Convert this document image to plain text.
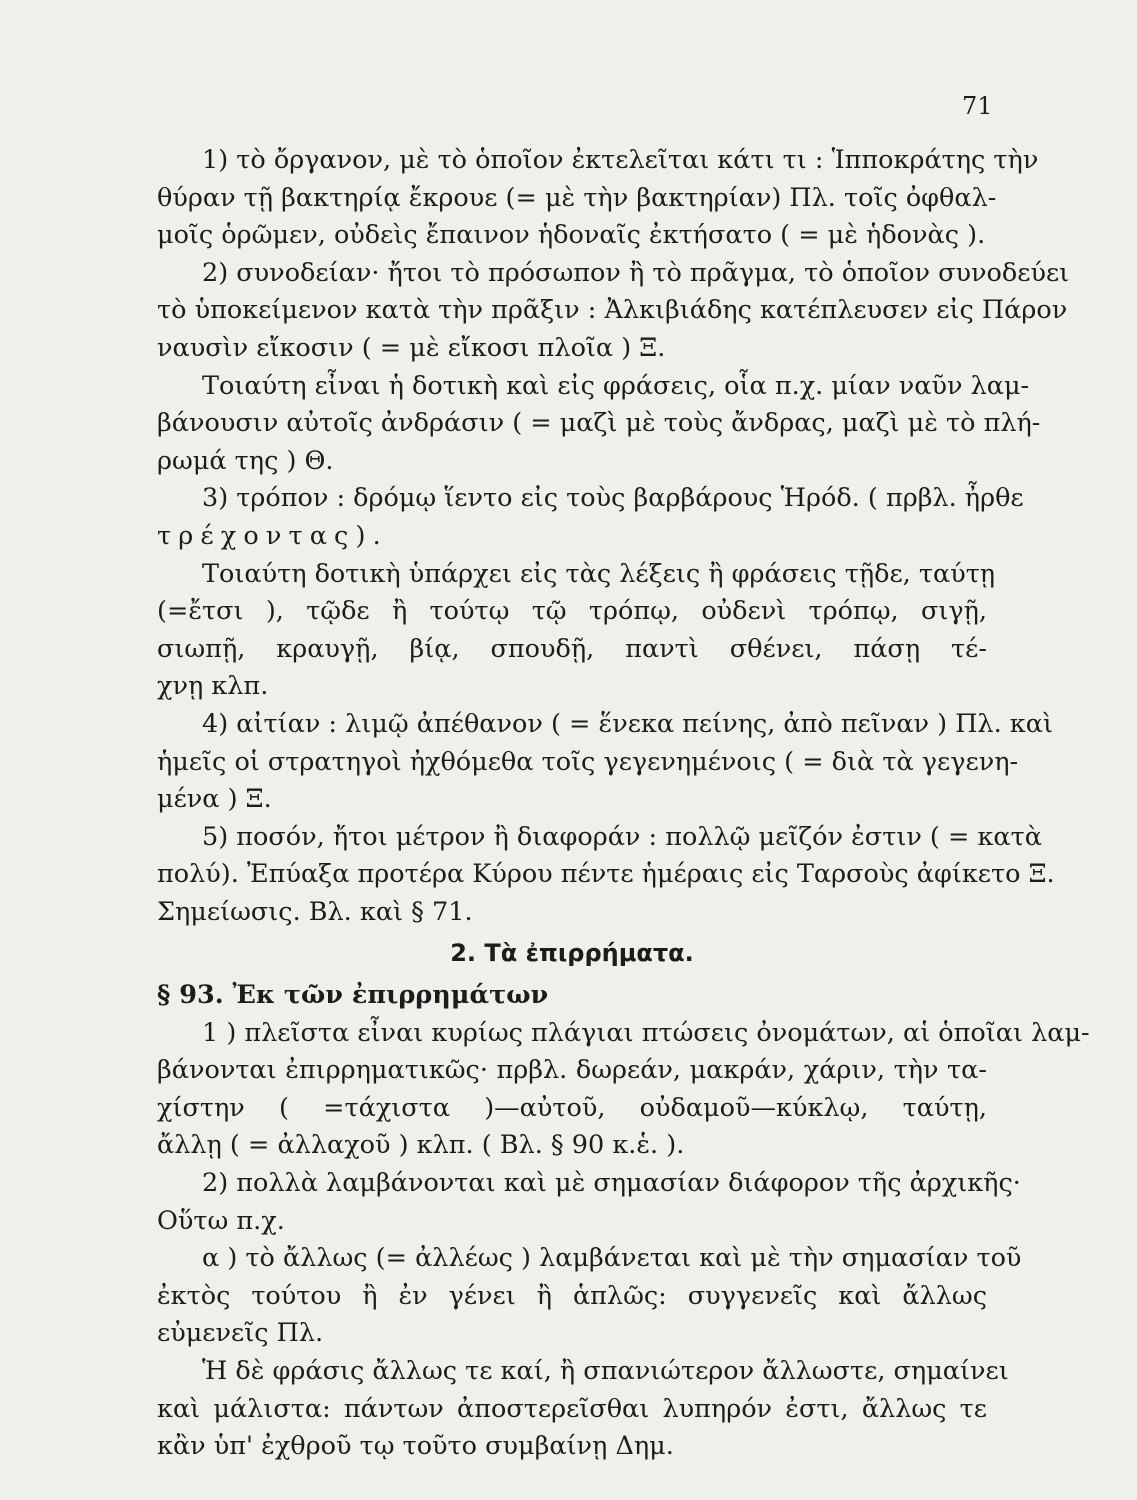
71
1) τὸ ὄργανον, μὲ τὸ ὁποῖον ἐκτελεῖται κάτι τι : Ἱπποκράτης τὴν
θύραν τῇ βακτηρίᾳ ἔκρουε (= μὲ τὴν βακτηρίαν) Πλ. τοῖς ὀφθαλ-
μοῖς ὁρῶμεν, οὐδεὶς ἔπαινον ἡδοναῖς ἐκτήσατο ( = μὲ ἡδονὰς ).
2) συνοδείαν· ἤτοι τὸ πρόσωπον ἢ τὸ πρᾶγμα, τὸ ὁποῖον συνοδεύει
τὸ ὑποκείμενον κατὰ τὴν πρᾶξιν : Ἀλκιβιάδης κατέπλευσεν εἰς Πάρον
ναυσὶν εἴκοσιν ( = μὲ εἴκοσι πλοῖα ) Ξ.
Τοιαύτη εἶναι ἡ δοτικὴ καὶ εἰς φράσεις, οἷα π.χ. μίαν ναῦν λαμ-
βάνουσιν αὐτοῖς ἀνδράσιν ( = μαζὶ μὲ τοὺς ἄνδρας, μαζὶ μὲ τὸ πλή-
ρωμά της ) Θ.
3) τρόπον : δρόμῳ ἵεντο εἰς τοὺς βαρβάρους Ἡρόδ. ( πρβλ. ἦρθε
τρέχοντας).
Τοιαύτη δοτικὴ ὑπάρχει εἰς τὰς λέξεις ἢ φράσεις τῇδε, ταύτῃ
(=ἔτσι ), τῷδε ἢ τούτῳ τῷ τρόπῳ, οὐδενὶ τρόπῳ, σιγῇ,
σιωπῇ, κραυγῇ, βίᾳ, σπουδῇ, παντὶ σθένει, πάσῃ τέ-
χνῃ κλπ.
4) αἰτίαν : λιμῷ ἀπέθανον ( = ἕνεκα πείνης, ἀπὸ πεῖναν ) Πλ. καὶ
ἡμεῖς οἱ στρατηγοὶ ἠχθόμεθα τοῖς γεγενημένοις ( = διὰ τὰ γεγενη-
μένα ) Ξ.
5) ποσόν, ἤτοι μέτρον ἢ διαφοράν : πολλῷ μεῖζόν ἐστιν ( = κατὰ
πολύ). Ἐπύαξα προτέρα Κύρου πέντε ἡμέραις εἰς Ταρσοὺς ἀφίκετο Ξ.
Σημείωσις. Βλ. καὶ § 71.
2. Τὰ ἐπιρρήματα.
§ 93. Ἐκ τῶν ἐπιρρημάτων
1 ) πλεῖστα εἶναι κυρίως πλάγιαι πτώσεις ὀνομάτων, αἱ ὁποῖαι λαμ-
βάνονται ἐπιρρηματικῶς· πρβλ. δωρεάν, μακράν, χάριν, τὴν τα-
χίστην ( =τάχιστα )—αὐτοῦ, οὐδαμοῦ—κύκλῳ, ταύτῃ,
ἄλλῃ ( = ἀλλαχοῦ ) κλπ. ( Βλ. § 90 κ.ἑ. ).
2) πολλὰ λαμβάνονται καὶ μὲ σημασίαν διάφορον τῆς ἀρχικῆς·
Οὕτω π.χ.
α ) τὸ ἄλλως (= ἀλλέως ) λαμβάνεται καὶ μὲ τὴν σημασίαν τοῦ
ἐκτὸς τούτου ἢ ἐν γένει ἢ ἁπλῶς: συγγενεῖς καὶ ἄλλως
εὐμενεῖς Πλ.
Ἡ δὲ φράσις ἄλλως τε καί, ἢ σπανιώτερον ἄλλωστε, σημαίνει
καὶ μάλιστα: πάντων ἀποστερεῖσθαι λυπηρόν ἐστι, ἄλλως τε
κἂν ὑπ' ἐχθροῦ τῳ τοῦτο συμβαίνῃ Δημ.
